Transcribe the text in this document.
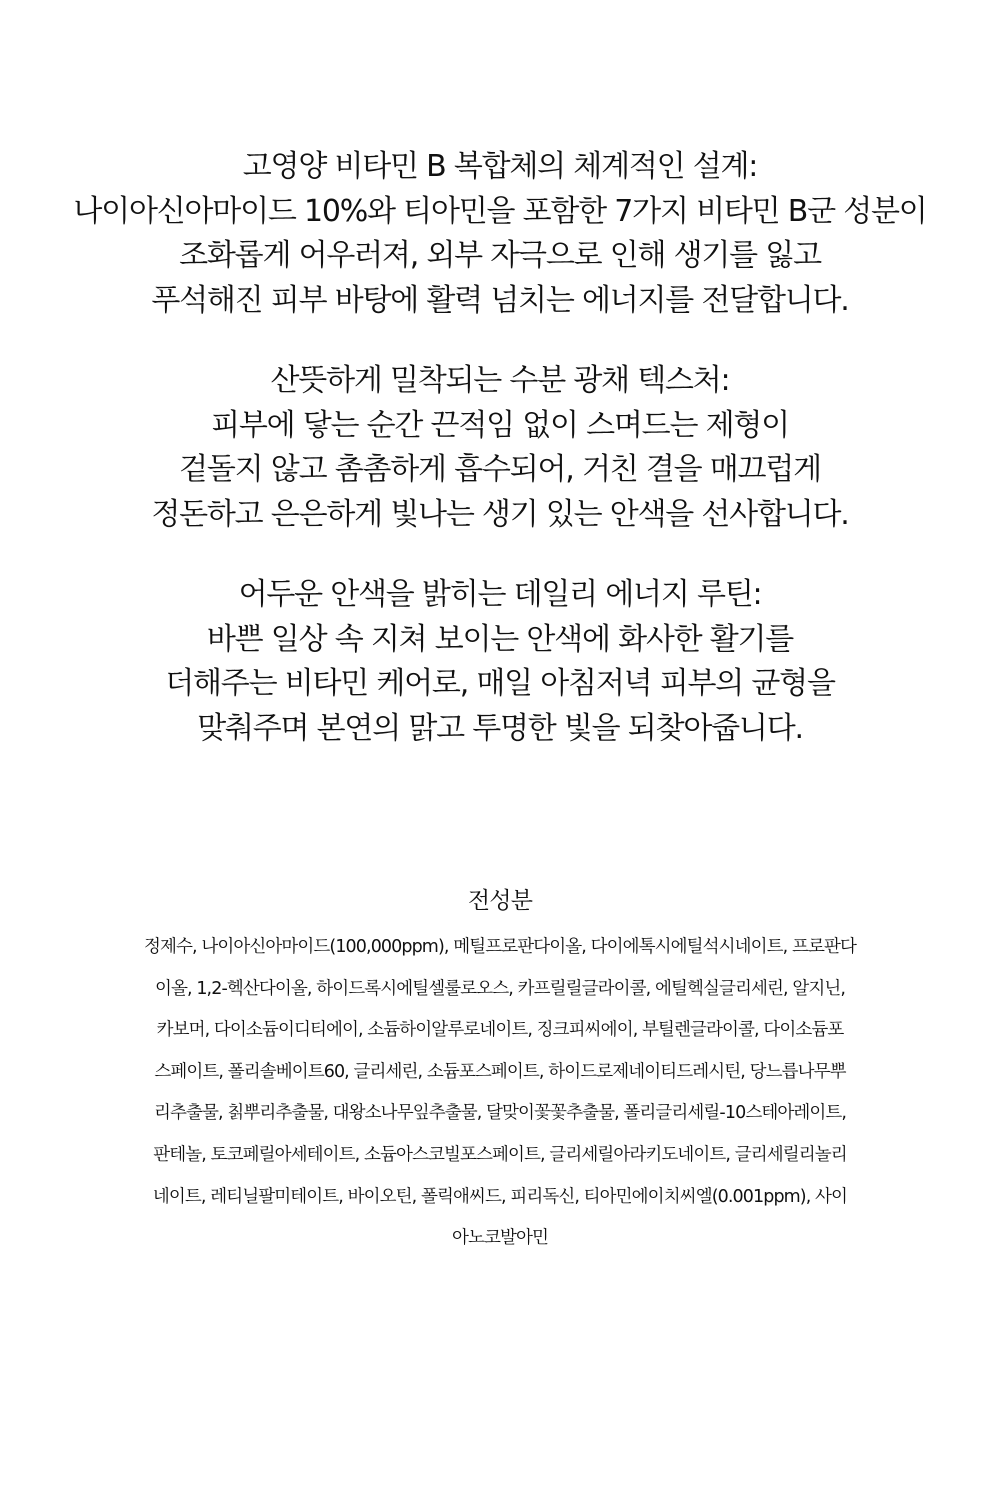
고영양 비타민 B 복합체의 체계적인 설계:
나이아신아마이드 10%와 티아민을 포함한 7가지 비타민 B군 성분이
조화롭게 어우러져, 외부 자극으로 인해 생기를 잃고
푸석해진 피부 바탕에 활력 넘치는 에너지를 전달합니다.
산뜻하게 밀착되는 수분 광채 텍스처:
피부에 닿는 순간 끈적임 없이 스며드는 제형이
겉돌지 않고 촘촘하게 흡수되어, 거친 결을 매끄럽게
정돈하고 은은하게 빛나는 생기 있는 안색을 선사합니다.
어두운 안색을 밝히는 데일리 에너지 루틴:
바쁜 일상 속 지쳐 보이는 안색에 화사한 활기를
더해주는 비타민 케어로, 매일 아침저녁 피부의 균형을
맞춰주며 본연의 맑고 투명한 빛을 되찾아줍니다.
전성분
정제수, 나이아신아마이드(100,000ppm), 메틸프로판다이올, 다이에톡시에틸석시네이트, 프로판다
이올, 1,2-헥산다이올, 하이드록시에틸셀룰로오스, 카프릴릴글라이콜, 에틸헥실글리세린, 알지닌,
카보머, 다이소듐이디티에이, 소듐하이알루로네이트, 징크피씨에이, 부틸렌글라이콜, 다이소듐포
스페이트, 폴리솔베이트60, 글리세린, 소듐포스페이트, 하이드로제네이티드레시틴, 당느릅나무뿌
리추출물, 칡뿌리추출물, 대왕소나무잎추출물, 달맞이꽃꽃추출물, 폴리글리세릴-10스테아레이트,
판테놀, 토코페릴아세테이트, 소듐아스코빌포스페이트, 글리세릴아라키도네이트, 글리세릴리놀리
네이트, 레티닐팔미테이트, 바이오틴, 폴릭애씨드, 피리독신, 티아민에이치씨엘(0.001ppm), 사이
아노코발아민
